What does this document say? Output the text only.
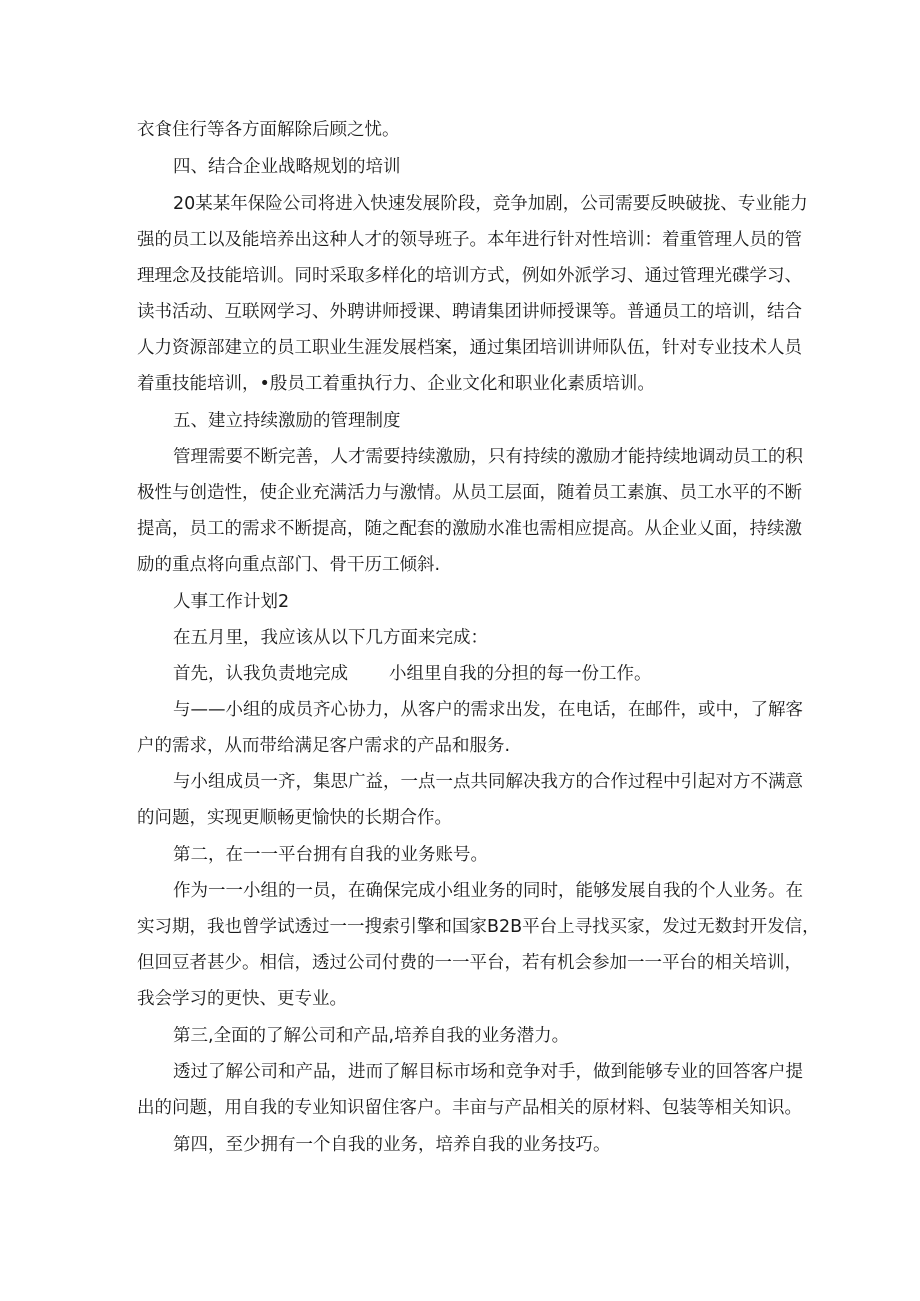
衣食住行等各方面解除后顾之忧。
四、结合企业战略规划的培训
20某某年保险公司将进入快速发展阶段，竞争加剧，公司需要反映破拢、专业能力
强的员工以及能培养出这种人才的领导班子。本年进行针对性培训：着重管理人员的管
理理念及技能培训。同时采取多样化的培训方式，例如外派学习、通过管理光碟学习、
读书活动、互联网学习、外聘讲师授课、聘请集团讲师授课等。普通员工的培训，结合
人力资源部建立的员工职业生涯发展档案，通过集团培训讲师队伍，针对专业技术人员
着重技能培训，•殷员工着重执行力、企业文化和职业化素质培训。
五、建立持续激励的管理制度
管理需要不断完善，人才需要持续激励，只有持续的激励才能持续地调动员工的积
极性与创造性，使企业充满活力与激情。从员工层面，随着员工素旗、员工水平的不断
提高，员工的需求不断提高，随之配套的激励水准也需相应提高。从企业乂面，持续激
励的重点将向重点部门、骨干历工倾斜.
人事工作计划2
在五月里，我应该从以下几方面来完成：
首先，认我负责地完成 小组里自我的分担的每一份工作。
与——小组的成员齐心协力，从客户的需求出发，在电话，在邮件，或中，了解客
户的需求，从而带给满足客户需求的产品和服务.
与小组成员一齐，集思广益，一点一点共同解决我方的合作过程中引起对方不满意
的问题，实现更顺畅更愉快的长期合作。
第二，在一一平台拥有自我的业务账号。
作为一一小组的一员，在确保完成小组业务的同时，能够发展自我的个人业务。在
实习期，我也曾学试透过一一搜索引擎和国家B2B平台上寻找买家，发过无数封开发信，
但回豆者甚少。相信，透过公司付费的一一平台，若有机会参加一一平台的相关培训，
我会学习的更快、更专业。
第三,全面的了解公司和产品,培养自我的业务潜力。
透过了解公司和产品，进而了解目标市场和竞争对手，做到能够专业的回答客户提
出的问题，用自我的专业知识留住客户。丰亩与产品相关的原材料、包装等相关知识。
第四，至少拥有一个自我的业务，培养自我的业务技巧。
